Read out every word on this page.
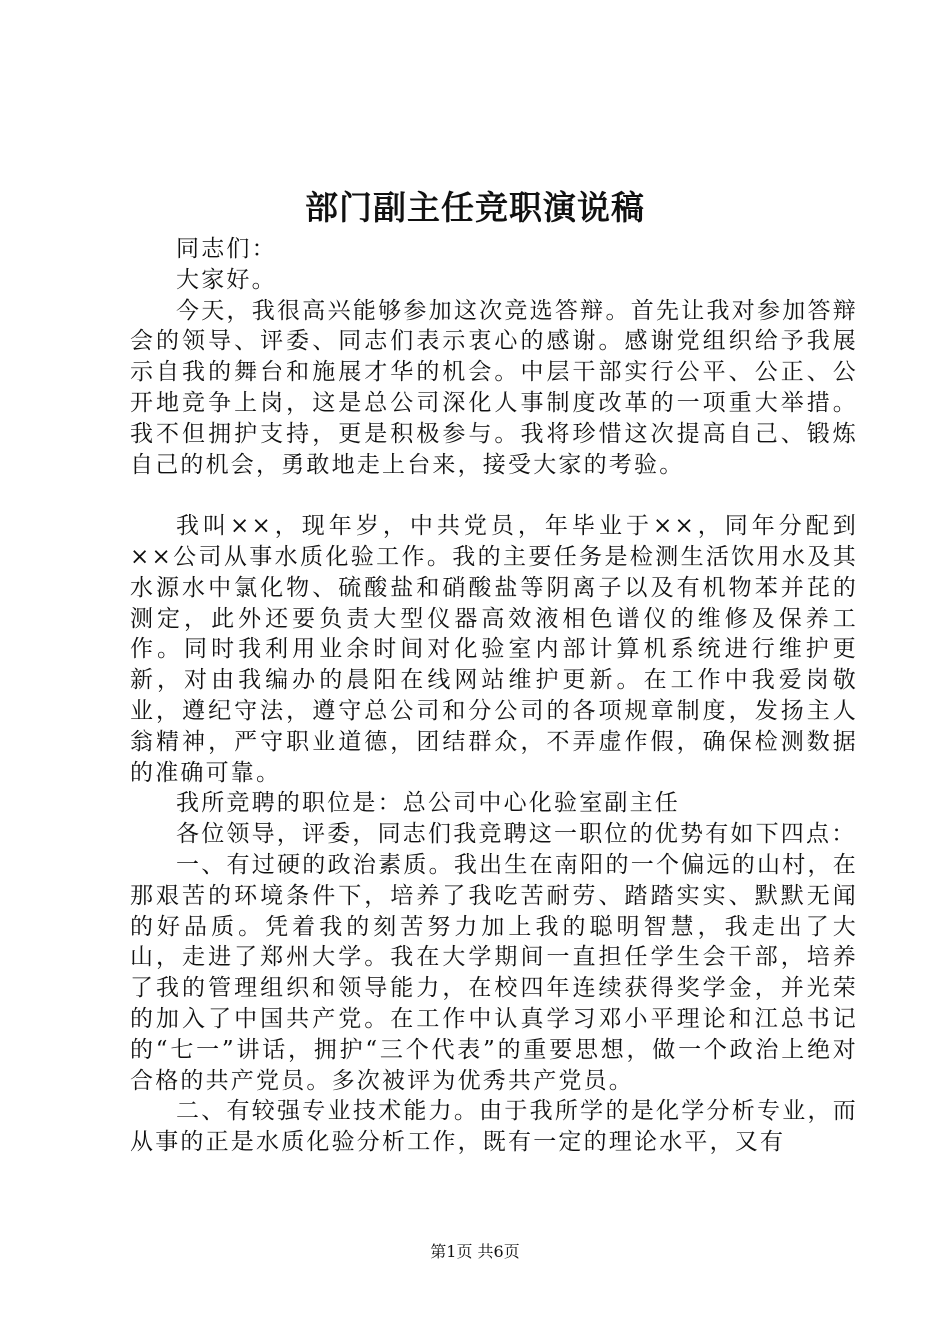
部门副主任竞职演说稿

同志们：

大家好。

今天，我很高兴能够参加这次竞选答辩。首先让我对参加答辩会的领导、评委、同志们表示衷心的感谢。感谢党组织给予我展示自我的舞台和施展才华的机会。中层干部实行公平、公正、公开地竞争上岗，这是总公司深化人事制度改革的一项重大举措。我不但拥护支持，更是积极参与。我将珍惜这次提高自己、锻炼自己的机会，勇敢地走上台来，接受大家的考验。

我叫××，现年岁，中共党员，年毕业于××，同年分配到××公司从事水质化验工作。我的主要任务是检测生活饮用水及其水源水中氯化物、硫酸盐和硝酸盐等阴离子以及有机物苯并芘的测定，此外还要负责大型仪器高效液相色谱仪的维修及保养工作。同时我利用业余时间对化验室内部计算机系统进行维护更新，对由我编办的晨阳在线网站维护更新。在工作中我爱岗敬业，遵纪守法，遵守总公司和分公司的各项规章制度，发扬主人翁精神，严守职业道德，团结群众，不弄虚作假，确保检测数据的准确可靠。

我所竞聘的职位是：总公司中心化验室副主任

各位领导，评委，同志们我竞聘这一职位的优势有如下四点：

一、有过硬的政治素质。我出生在南阳的一个偏远的山村，在那艰苦的环境条件下，培养了我吃苦耐劳、踏踏实实、默默无闻的好品质。凭着我的刻苦努力加上我的聪明智慧，我走出了大山，走进了郑州大学。我在大学期间一直担任学生会干部，培养了我的管理组织和领导能力，在校四年连续获得奖学金，并光荣的加入了中国共产党。在工作中认真学习邓小平理论和江总书记的“七一”讲话，拥护“三个代表”的重要思想，做一个政治上绝对合格的共产党员。多次被评为优秀共产党员。

二、有较强专业技术能力。由于我所学的是化学分析专业，而从事的正是水质化验分析工作，既有一定的理论水平，又有

第1页 共6页
